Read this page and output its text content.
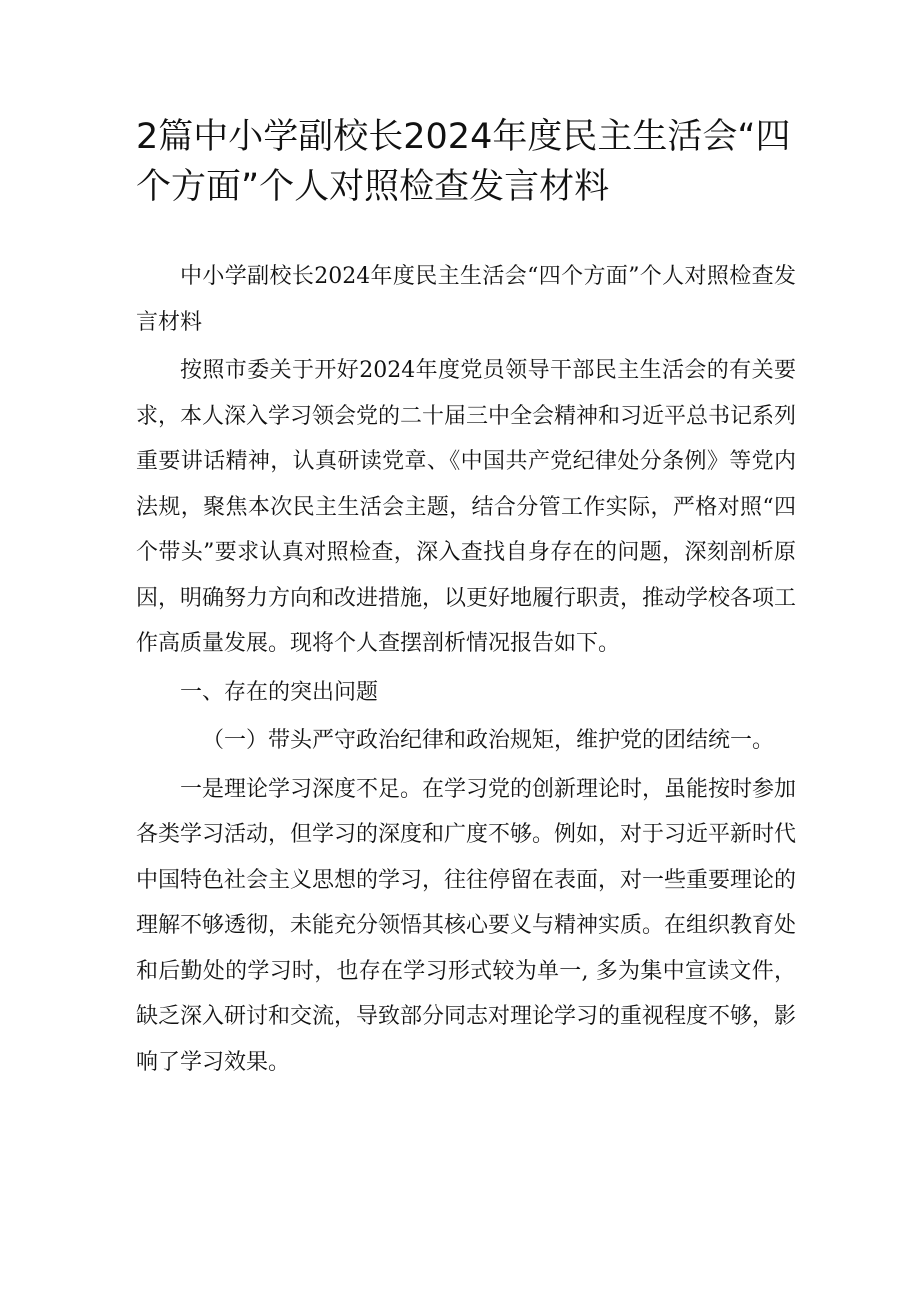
2篇中小学副校长2024年度民主生活会“四个方面”个人对照检查发言材料

中小学副校长2024年度民主生活会“四个方面”个人对照检查发言材料

按照市委关于开好2024年度党员领导干部民主生活会的有关要求，本人深入学习领会党的二十届三中全会精神和习近平总书记系列重要讲话精神，认真研读党章、《中国共产党纪律处分条例》等党内法规，聚焦本次民主生活会主题，结合分管工作实际，严格对照“四个带头”要求认真对照检查，深入查找自身存在的问题，深刻剖析原因，明确努力方向和改进措施，以更好地履行职责，推动学校各项工作高质量发展。现将个人查摆剖析情况报告如下。

一、存在的突出问题

（一）带头严守政治纪律和政治规矩，维护党的团结统一。

一是理论学习深度不足。在学习党的创新理论时，虽能按时参加各类学习活动，但学习的深度和广度不够。例如，对于习近平新时代中国特色社会主义思想的学习，往往停留在表面，对一些重要理论的理解不够透彻，未能充分领悟其核心要义与精神实质。在组织教育处和后勤处的学习时，也存在学习形式较为单一, 多为集中宣读文件，缺乏深入研讨和交流，导致部分同志对理论学习的重视程度不够，影响了学习效果。
